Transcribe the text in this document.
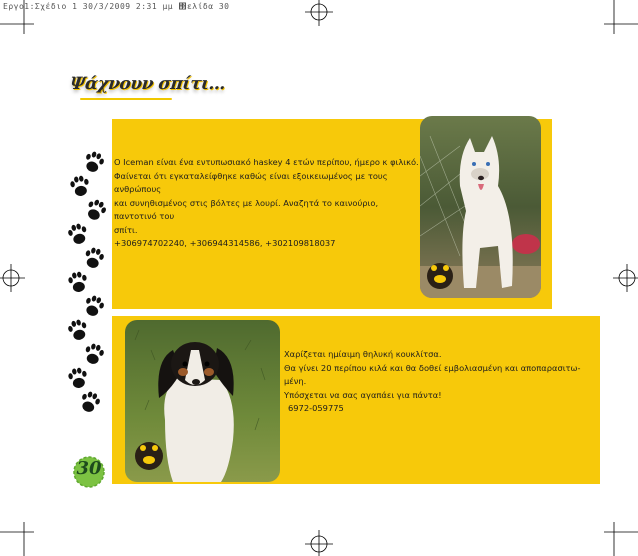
Εργο1:Σχέδιο 1 30/3/2009 2:31 μμ ΢ελίδα 30
Ψάχνουν σπίτι...
Ο Iceman είναι ένα εντυπωσιακό haskey 4 ετών περίπου, ήμερο κ φιλικό.
Φαίνεται ότι εγκαταλείφθηκε καθώς είναι εξοικειωμένος με τους ανθρώπους
και συνηθισμένος στις βόλτες με λουρί. Αναζητά το καινούριο, παντοτινό του
σπίτι.
+306974702240, +306944314586, +302109818037
Χαρίζεται ημίαιμη θηλυκή κουκλίτσα.
Θα γίνει 20 περίπου κιλά και θα δοθεί εμβολιασμένη και αποπαρασιτω-
μένη.
Υπόσχεται να σας αγαπάει για πάντα!
6972-059775
30
